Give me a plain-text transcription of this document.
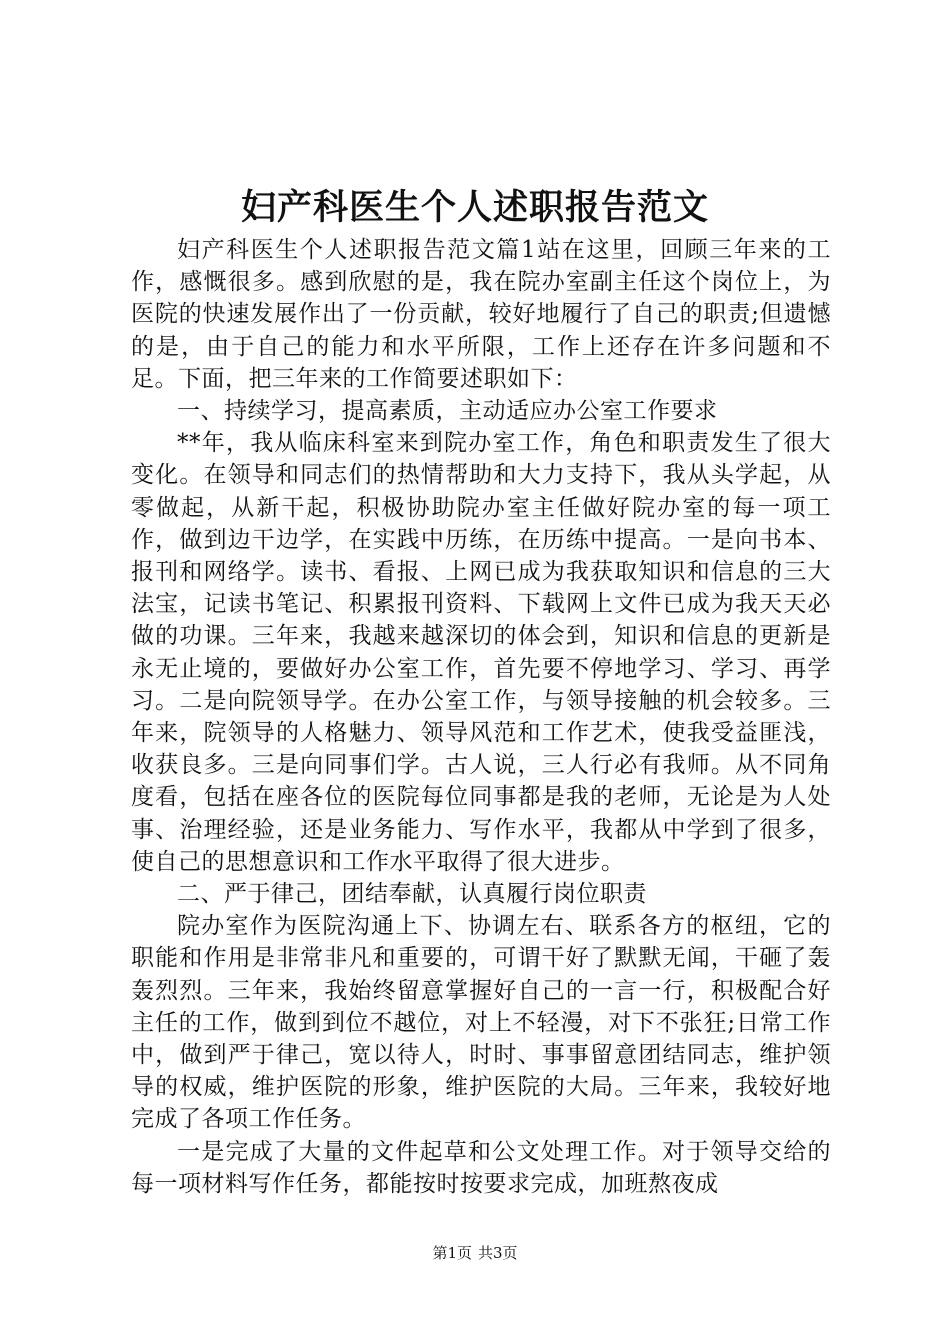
妇产科医生个人述职报告范文

妇产科医生个人述职报告范文篇1站在这里，回顾三年来的工作，感慨很多。感到欣慰的是，我在院办室副主任这个岗位上，为医院的快速发展作出了一份贡献，较好地履行了自己的职责;但遗憾的是，由于自己的能力和水平所限，工作上还存在许多问题和不足。下面，把三年来的工作简要述职如下：

一、持续学习，提高素质，主动适应办公室工作要求

**年，我从临床科室来到院办室工作，角色和职责发生了很大变化。在领导和同志们的热情帮助和大力支持下，我从头学起，从零做起，从新干起，积极协助院办室主任做好院办室的每一项工作，做到边干边学，在实践中历练，在历练中提高。一是向书本、报刊和网络学。读书、看报、上网已成为我获取知识和信息的三大法宝，记读书笔记、积累报刊资料、下载网上文件已成为我天天必做的功课。三年来，我越来越深切的体会到，知识和信息的更新是永无止境的，要做好办公室工作，首先要不停地学习、学习、再学习。二是向院领导学。在办公室工作，与领导接触的机会较多。三年来，院领导的人格魅力、领导风范和工作艺术，使我受益匪浅，收获良多。三是向同事们学。古人说，三人行必有我师。从不同角度看，包括在座各位的医院每位同事都是我的老师，无论是为人处事、治理经验，还是业务能力、写作水平，我都从中学到了很多，使自己的思想意识和工作水平取得了很大进步。

二、严于律己，团结奉献，认真履行岗位职责

院办室作为医院沟通上下、协调左右、联系各方的枢纽，它的职能和作用是非常非凡和重要的，可谓干好了默默无闻，干砸了轰轰烈烈。三年来，我始终留意掌握好自己的一言一行，积极配合好主任的工作，做到到位不越位，对上不轻漫，对下不张狂;日常工作中，做到严于律己，宽以待人，时时、事事留意团结同志，维护领导的权威，维护医院的形象，维护医院的大局。三年来，我较好地完成了各项工作任务。

一是完成了大量的文件起草和公文处理工作。对于领导交给的每一项材料写作任务，都能按时按要求完成，加班熬夜成

第1页 共3页
